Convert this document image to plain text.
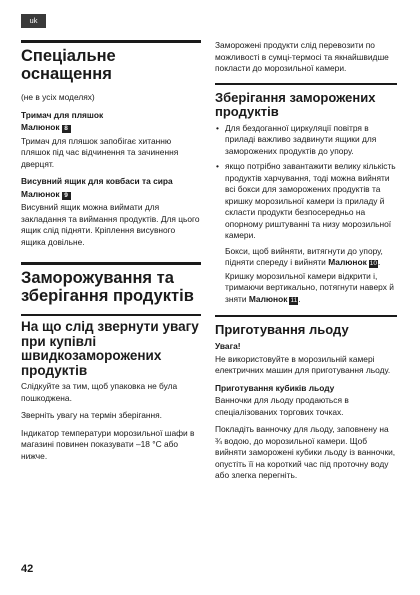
uk
Спеціальне оснащення
(не в усіх моделях)
Тримач для пляшок
Малюнок 8
Тримач для пляшок запобігає хитанню пляшок під час відчинення та зачинення дверцят.
Висувний ящик для ковбаси та сира
Малюнок 9
Висувний ящик можна виймати для закладання та виймання продуктів. Для цього ящик слід підняти. Кріплення висувного ящика довільне.
Заморожування та зберігання продуктів
На що слід звернути увагу при купівлі швидкозаморожених продуктів
Слідкуйте за тим, щоб упаковка не була пошкоджена.
Зверніть увагу на термін зберігання.
Індикатор температури морозильної шафи в магазині повинен показувати –18 °C або нижче.
Заморожені продукти слід перевозити по можливості в сумці-термосі та якнайшвидше покласти до морозильної камери.
Зберігання заморожених продуктів
• Для бездоганної циркуляції повітря в приладі важливо задвинути ящики для заморожених продуктів до упору.
• якщо потрібно завантажити велику кількість продуктів харчування, тоді можна вийняти всі бокси для заморожених продуктів та кришку морозильної камери із приладу й скласти продукти безпосередньо на опорному риштуванні та низу морозильної камери.
Бокси, щоб вийняти, витягнути до упору, підняти спереду і вийняти Малюнок 10.
Кришку морозильної камери відкрити і, тримаючи вертикально, потягнути наверх й зняти Малюнок 11.
Приготування льоду
Увага!
Не використовуйте в морозильній камері електричних машин для приготування льоду.
Приготування кубиків льоду
Ванночки для льоду продаються в спеціалізованих торгових точках.
Покладіть ванночку для льоду, заповнену на ¾ водою, до морозильної камери. Щоб вийняти заморожені кубики льоду із ванночки, опустіть її на короткий час під проточну воду або злегка перегніть.
42
